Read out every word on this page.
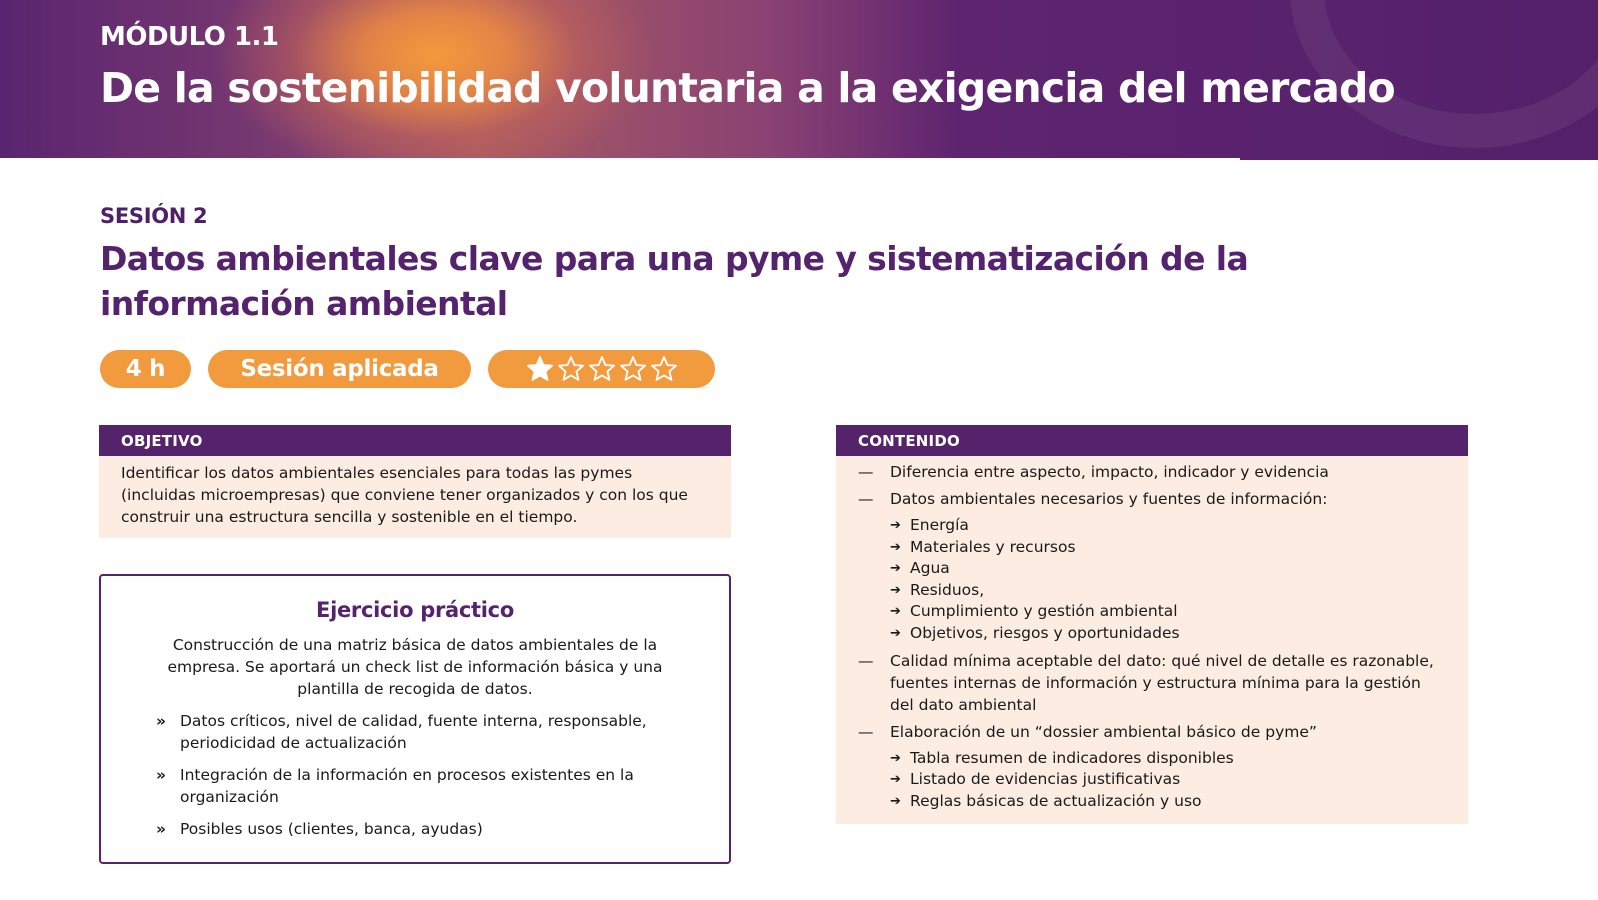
MÓDULO 1.1
De la sostenibilidad voluntaria a la exigencia del mercado
SESIÓN 2
Datos ambientales clave para una pyme y sistematización de la información ambiental
4 h	Sesión aplicada
OBJETIVO
Identificar los datos ambientales esenciales para todas las pymes (incluidas microempresas) que conviene tener organizados y con los que construir una estructura sencilla y sostenible en el tiempo.
Ejercicio práctico
Construcción de una matriz básica de datos ambientales de la empresa. Se aportará un check list de información básica y una plantilla de recogida de datos.
» Datos críticos, nivel de calidad, fuente interna, responsable, periodicidad de actualización
» Integración de la información en procesos existentes en la organización
» Posibles usos (clientes, banca, ayudas)
CONTENIDO
—	Diferencia entre aspecto, impacto, indicador y evidencia
—	Datos ambientales necesarios y fuentes de información:
➔ Energía
➔ Materiales y recursos
➔ Agua
➔ Residuos,
➔ Cumplimiento y gestión ambiental
➔ Objetivos, riesgos y oportunidades
—	Calidad mínima aceptable del dato: qué nivel de detalle es razonable, fuentes internas de información y estructura mínima para la gestión del dato ambiental
—	Elaboración de un “dossier ambiental básico de pyme”
➔ Tabla resumen de indicadores disponibles
➔ Listado de evidencias justificativas
➔ Reglas básicas de actualización y uso
